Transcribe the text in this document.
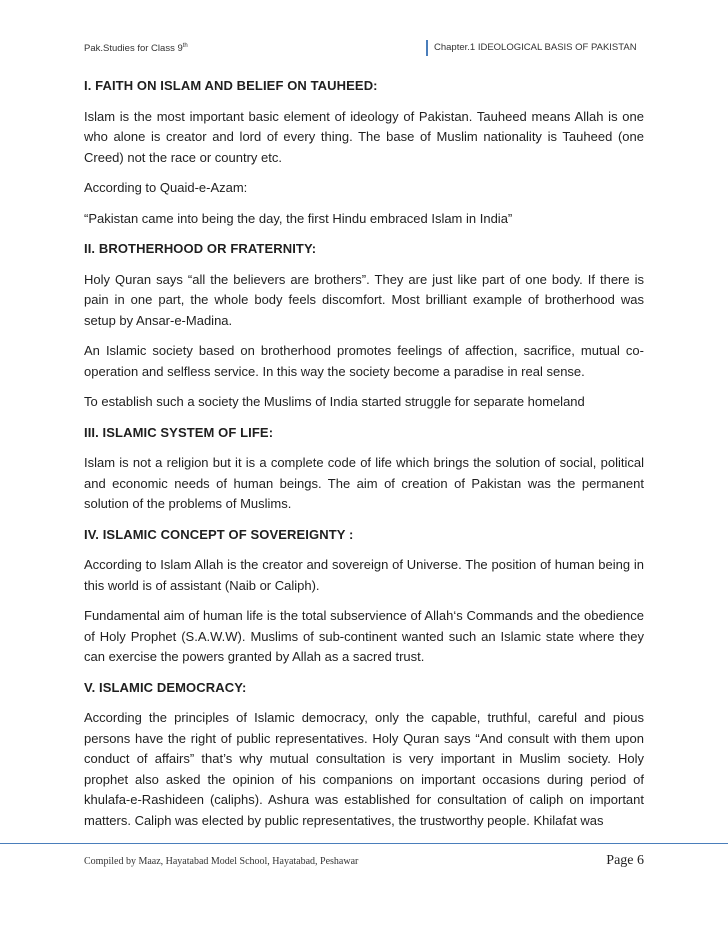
Pak.Studies for Class 9th	Chapter.1 IDEOLOGICAL BASIS OF PAKISTAN
I. FAITH ON ISLAM AND BELIEF ON TAUHEED:
Islam is the most important basic element of ideology of Pakistan. Tauheed means Allah is one who alone is creator and lord of every thing. The base of Muslim nationality is Tauheed (one Creed) not the race or country etc.
According to Quaid-e-Azam:
“Pakistan came into being the day, the first Hindu embraced Islam in India”
II. BROTHERHOOD OR FRATERNITY:
Holy Quran says “all the believers are brothers”. They are just like part of one body. If there is pain in one part, the whole body feels discomfort. Most brilliant example of brotherhood was setup by Ansar-e-Madina.
An Islamic society based on brotherhood promotes feelings of affection, sacrifice, mutual co-operation and selfless service. In this way the society become a paradise in real sense.
To establish such a society the Muslims of India started struggle for separate homeland
III. ISLAMIC SYSTEM OF LIFE:
Islam is not a religion but it is a complete code of life which brings the solution of social, political and economic needs of human beings. The aim of creation of Pakistan was the permanent solution of the problems of Muslims.
IV. ISLAMIC CONCEPT OF SOVEREIGNTY :
According to Islam Allah is the creator and sovereign of Universe. The position of human being in this world is of assistant (Naib or Caliph).
Fundamental aim of human life is the total subservience of Allah‘s Commands and the obedience of Holy Prophet (S.A.W.W). Muslims of sub-continent wanted such an Islamic state where they can exercise the powers granted by Allah as a sacred trust.
V. ISLAMIC DEMOCRACY:
According the principles of Islamic democracy, only the capable, truthful, careful and pious persons have the right of public representatives. Holy Quran says “And consult with them upon conduct of affairs” that’s why mutual consultation is very important in Muslim society. Holy prophet also asked the opinion of his companions on important occasions during period of khulafa-e-Rashideen (caliphs). Ashura was established for consultation of caliph on important matters. Caliph was elected by public representatives, the trustworthy people. Khilafat was
Compiled by Maaz, Hayatabad Model School, Hayatabad, Peshawar	Page 6
